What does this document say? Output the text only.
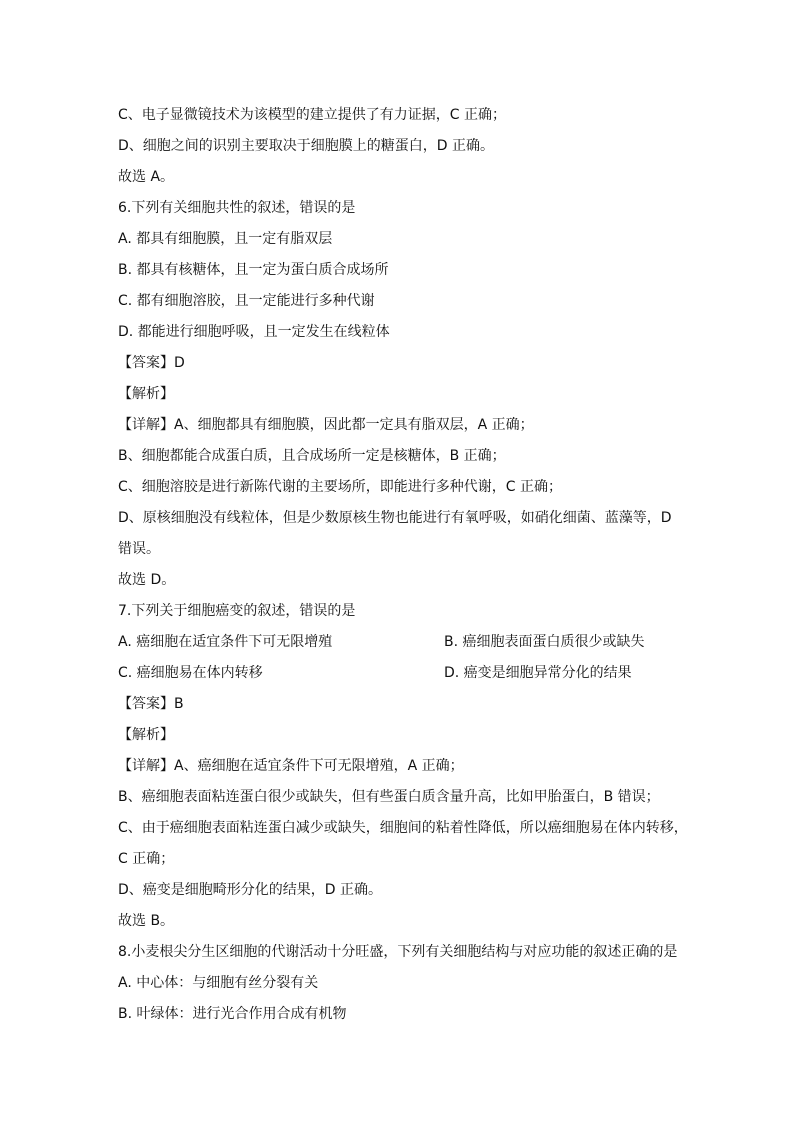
C、电子显微镜技术为该模型的建立提供了有力证据，C 正确；
D、细胞之间的识别主要取决于细胞膜上的糖蛋白，D 正确。
故选 A。
6.下列有关细胞共性的叙述，错误的是
A. 都具有细胞膜，且一定有脂双层
B. 都具有核糖体，且一定为蛋白质合成场所
C. 都有细胞溶胶，且一定能进行多种代谢
D. 都能进行细胞呼吸，且一定发生在线粒体
【答案】D
【解析】
【详解】A、细胞都具有细胞膜，因此都一定具有脂双层，A 正确；
B、细胞都能合成蛋白质，且合成场所一定是核糖体，B 正确；
C、细胞溶胶是进行新陈代谢的主要场所，即能进行多种代谢，C 正确；
D、原核细胞没有线粒体，但是少数原核生物也能进行有氧呼吸，如硝化细菌、蓝藻等，D
错误。
故选 D。
7.下列关于细胞癌变的叙述，错误的是
A. 癌细胞在适宜条件下可无限增殖	B. 癌细胞表面蛋白质很少或缺失
C. 癌细胞易在体内转移	D. 癌变是细胞异常分化的结果
【答案】B
【解析】
【详解】A、癌细胞在适宜条件下可无限增殖，A 正确；
B、癌细胞表面粘连蛋白很少或缺失，但有些蛋白质含量升高，比如甲胎蛋白，B 错误；
C、由于癌细胞表面粘连蛋白减少或缺失，细胞间的粘着性降低，所以癌细胞易在体内转移，
C 正确；
D、癌变是细胞畸形分化的结果，D 正确。
故选 B。
8.小麦根尖分生区细胞的代谢活动十分旺盛，下列有关细胞结构与对应功能的叙述正确的是
A. 中心体：与细胞有丝分裂有关
B. 叶绿体：进行光合作用合成有机物
